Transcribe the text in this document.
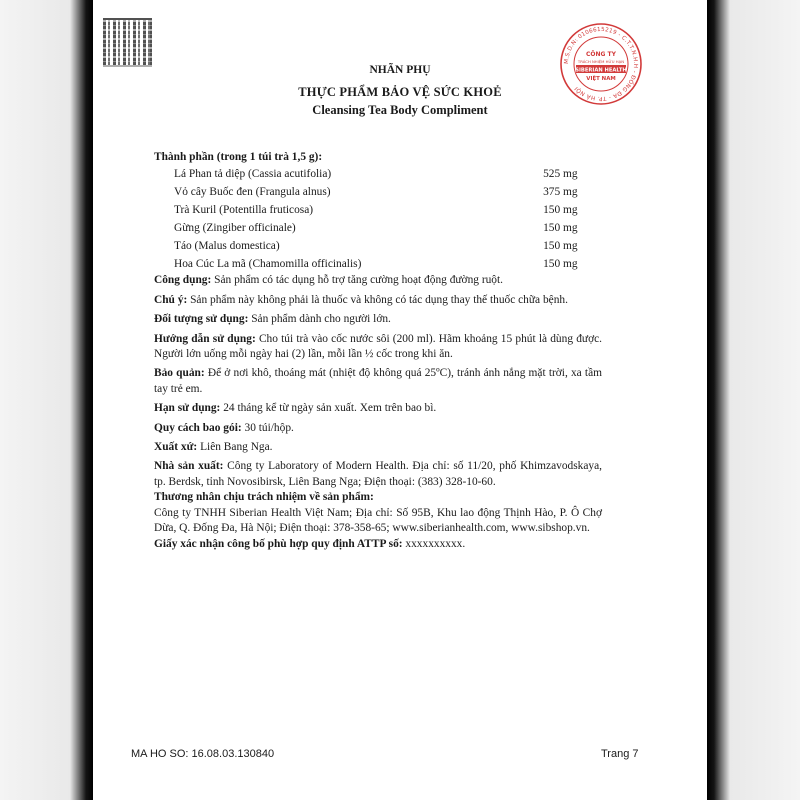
M.S.D.N: 0106615219 - C.T.T.N.H.H - ĐỐNG ĐA - TP. HÀ NỘI
CÔNG TY
TRÁCH NHIỆM HỮU HẠN
SIBERIAN HEALTH
VIỆT NAM
NHÃN PHỤ
THỰC PHẨM BẢO VỆ SỨC KHOẺ
Cleansing Tea Body Compliment

Thành phần (trong 1 túi trà 1,5 g):

Lá Phan tả diệp (Cassia acutifolia)	525 mg
Vỏ cây Buốc đen (Frangula alnus)	375 mg
Trà Kuril (Potentilla fruticosa)	150 mg
Gừng (Zingiber officinale)	150 mg
Táo (Malus domestica)	150 mg
Hoa Cúc La mã (Chamomilla officinalis)	150 mg

Công dụng: Sản phẩm có tác dụng hỗ trợ tăng cường hoạt động đường ruột.

Chú ý: Sản phẩm này không phải là thuốc và không có tác dụng thay thế thuốc chữa bệnh.

Đối tượng sử dụng: Sản phẩm dành cho người lớn.

Hướng dẫn sử dụng: Cho túi trà vào cốc nước sôi (200 ml). Hãm khoảng 15 phút là dùng được. Người lớn uống mỗi ngày hai (2) lần, mỗi lần ½ cốc trong khi ăn.

Bảo quản: Để ở nơi khô, thoáng mát (nhiệt độ không quá 25ºC), tránh ánh nắng mặt trời, xa tầm tay trẻ em.

Hạn sử dụng: 24 tháng kể từ ngày sản xuất. Xem trên bao bì.

Quy cách bao gói: 30 túi/hộp.

Xuất xứ: Liên Bang Nga.

Nhà sản xuất: Công ty Laboratory of Modern Health. Địa chỉ: số 11/20, phố Khimzavodskaya, tp. Berdsk, tỉnh Novosibirsk, Liên Bang Nga; Điện thoại: (383) 328-10-60.

Thương nhân chịu trách nhiệm về sản phẩm:

Công ty TNHH Siberian Health Việt Nam; Địa chỉ: Số 95B, Khu lao động Thịnh Hào, P. Ô Chợ Dừa, Q. Đống Đa, Hà Nội; Điện thoại: 378-358-65; www.siberianhealth.com, www.sibshop.vn.

Giấy xác nhận công bố phù hợp quy định ATTP số: xxxxxxxxxx.

MA HO SO: 16.08.03.130840	Trang 7
